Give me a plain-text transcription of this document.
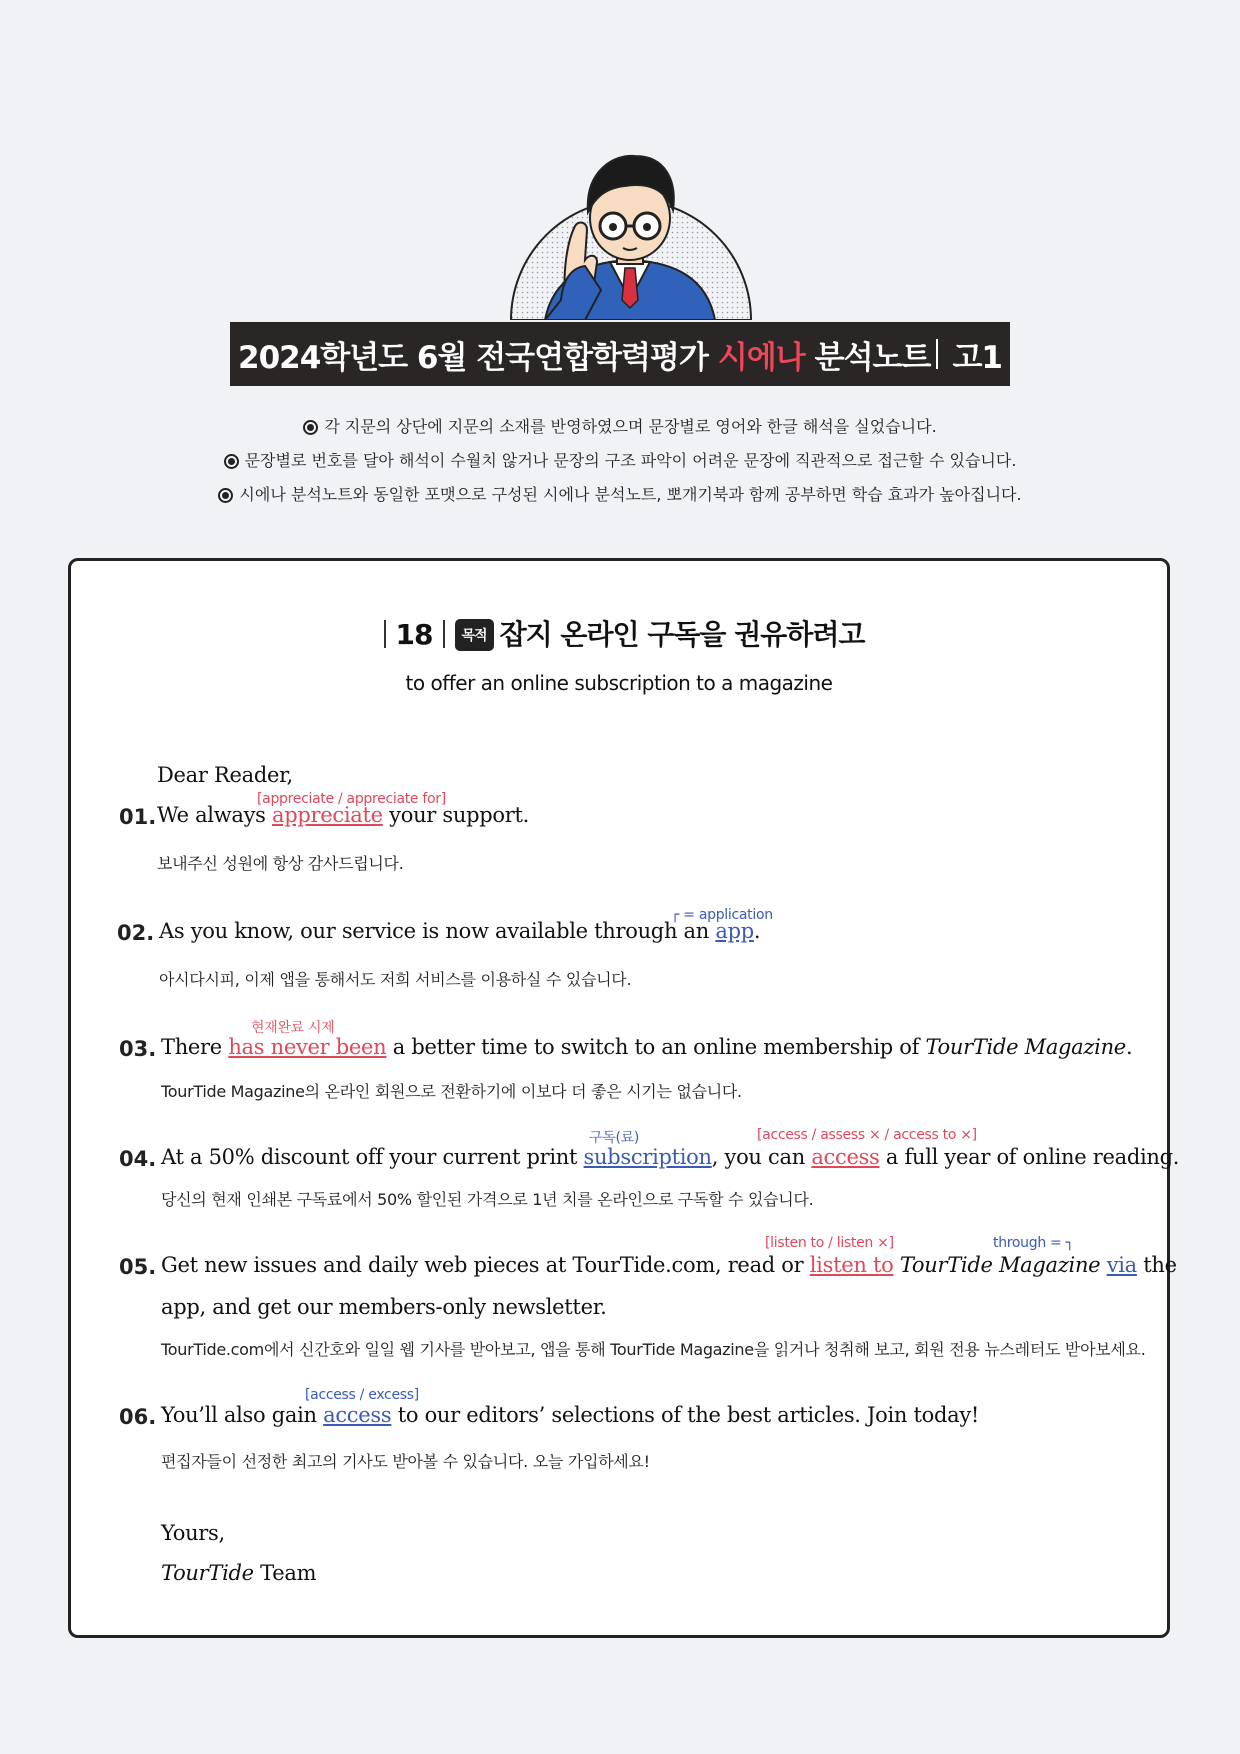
2024학년도 6월 전국연합학력평가 시에나 분석노트 고1
각 지문의 상단에 지문의 소재를 반영하였으며 문장별로 영어와 한글 해석을 실었습니다.
문장별로 번호를 달아 해석이 수월치 않거나 문장의 구조 파악이 어려운 문장에 직관적으로 접근할 수 있습니다.
시에나 분석노트와 동일한 포맷으로 구성된 시에나 분석노트, 뽀개기북과 함께 공부하면 학습 효과가 높아집니다.
18 목적 잡지 온라인 구독을 권유하려고
to offer an online subscription to a magazine
Dear Reader,
[appreciate / appreciate for]
01. We always appreciate your support.
보내주신 성원에 항상 감사드립니다.
┌ = application
02. As you know, our service is now available through an app.
아시다시피, 이제 앱을 통해서도 저희 서비스를 이용하실 수 있습니다.
현재완료 시제
03. There has never been a better time to switch to an online membership of TourTide Magazine.
TourTide Magazine의 온라인 회원으로 전환하기에 이보다 더 좋은 시기는 없습니다.
구독(료)	[access / assess × / access to ×]
04. At a 50% discount off your current print subscription, you can access a full year of online reading.
당신의 현재 인쇄본 구독료에서 50% 할인된 가격으로 1년 치를 온라인으로 구독할 수 있습니다.
[listen to / listen ×]	through = ┐
05. Get new issues and daily web pieces at TourTide.com, read or listen to TourTide Magazine via the
app, and get our members-only newsletter.
TourTide.com에서 신간호와 일일 웹 기사를 받아보고, 앱을 통해 TourTide Magazine을 읽거나 청취해 보고, 회원 전용 뉴스레터도 받아보세요.
[access / excess]
06. You’ll also gain access to our editors’ selections of the best articles. Join today!
편집자들이 선정한 최고의 기사도 받아볼 수 있습니다. 오늘 가입하세요!
Yours,
TourTide Team
